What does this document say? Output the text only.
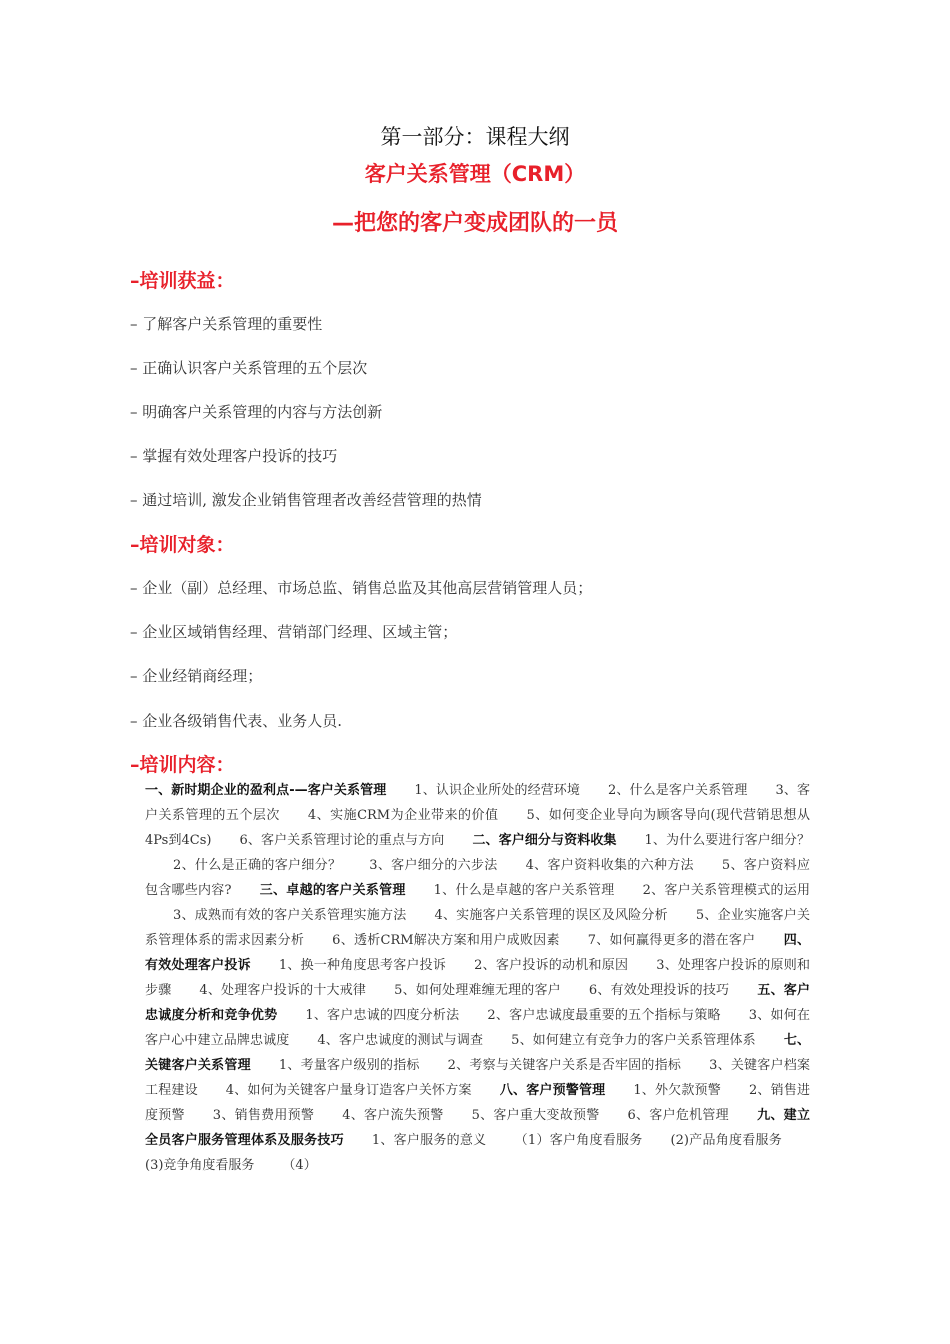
第一部分：课程大纲
客户关系管理（CRM）
—把您的客户变成团队的一员
–培训获益：
– 了解客户关系管理的重要性
– 正确认识客户关系管理的五个层次
– 明确客户关系管理的内容与方法创新
– 掌握有效处理客户投诉的技巧
– 通过培训, 激发企业销售管理者改善经营管理的热情
–培训对象：
– 企业（副）总经理、市场总监、销售总监及其他高层营销管理人员；
– 企业区域销售经理、营销部门经理、区域主管；
– 企业经销商经理；
– 企业各级销售代表、业务人员.
–培训内容：
一、新时期企业的盈利点-—客户关系管理 1、认识企业所处的经营环境 2、什么是客户关系管理 3、客户关系管理的五个层次 4、实施CRM为企业带来的价值 5、如何变企业导向为顾客导向(现代营销思想从4Ps到4Cs) 6、客户关系管理讨论的重点与方向 二、客户细分与资料收集 1、为什么要进行客户细分？2、什么是正确的客户细分？ 3、客户细分的六步法 4、客户资料收集的六种方法 5、客户资料应包含哪些内容? 三、卓越的客户关系管理 1、什么是卓越的客户关系管理 2、客户关系管理模式的运用3、成熟而有效的客户关系管理实施方法 4、实施客户关系管理的误区及风险分析 5、企业实施客户关系管理体系的需求因素分析 6、透析CRM解决方案和用户成败因素 7、如何赢得更多的潜在客户 四、有效处理客户投诉 1、换一种角度思考客户投诉 2、客户投诉的动机和原因 3、处理客户投诉的原则和步骤 4、处理客户投诉的十大戒律 5、如何处理难缠无理的客户 6、有效处理投诉的技巧 五、客户忠诚度分析和竞争优势 1、客户忠诚的四度分析法 2、客户忠诚度最重要的五个指标与策略 3、如何在客户心中建立品牌忠诚度 4、客户忠诚度的测试与调查 5、如何建立有竞争力的客户关系管理体系 七、关键客户关系管理 1、考量客户级别的指标 2、考察与关键客户关系是否牢固的指标 3、关键客户档案工程建设 4、如何为关键客户量身订造客户关怀方案 八、客户预警管理 1、外欠款预警 2、销售进度预警 3、销售费用预警 4、客户流失预警 5、客户重大变故预警 6、客户危机管理 九、建立全员客户服务管理体系及服务技巧 1、客户服务的意义 （1）客户角度看服务 (2)产品角度看服务(3)竞争角度看服务 （4）
